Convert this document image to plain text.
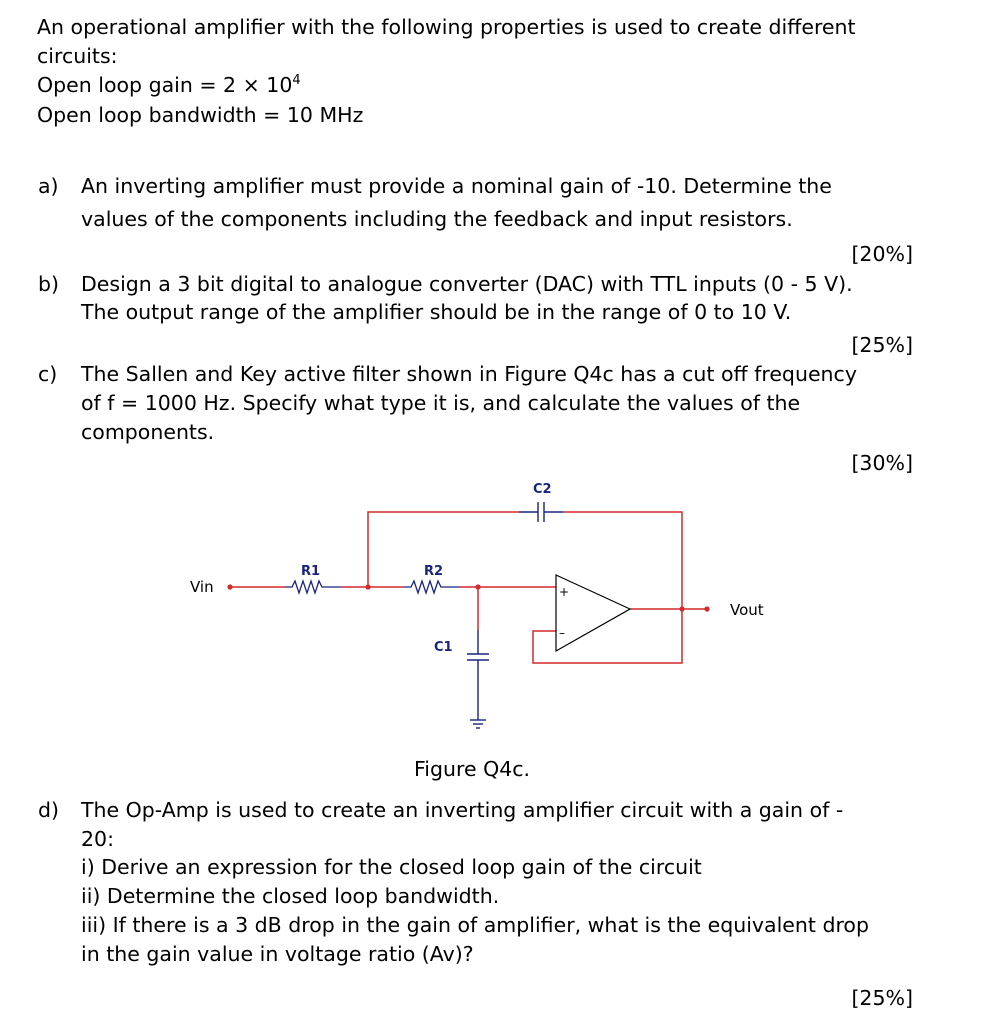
An operational amplifier with the following properties is used to create different
circuits:
Open loop gain = $2 \times 10^4$
Open loop bandwidth = 10 MHz
a) An inverting amplifier must provide a nominal gain of -10. Determine the
values of the components including the feedback and input resistors.
[20%]
b) Design a 3 bit digital to analogue converter (DAC) with TTL inputs (0 - 5 V).
The output range of the amplifier should be in the range of 0 to 10 V.
[25%]
c) The Sallen and Key active filter shown in Figure Q4c has a cut off frequency
of f = 1000 Hz. Specify what type it is, and calculate the values of the
components.
[30%]
+
–
Vin
Vout
R1	R2
C1
C2
Figure Q4c.
d) The Op-Amp is used to create an inverting amplifier circuit with a gain of -
20:
i) Derive an expression for the closed loop gain of the circuit
ii) Determine the closed loop bandwidth.
iii) If there is a 3 dB drop in the gain of amplifier, what is the equivalent drop
in the gain value in voltage ratio (Av)?
[25%]
